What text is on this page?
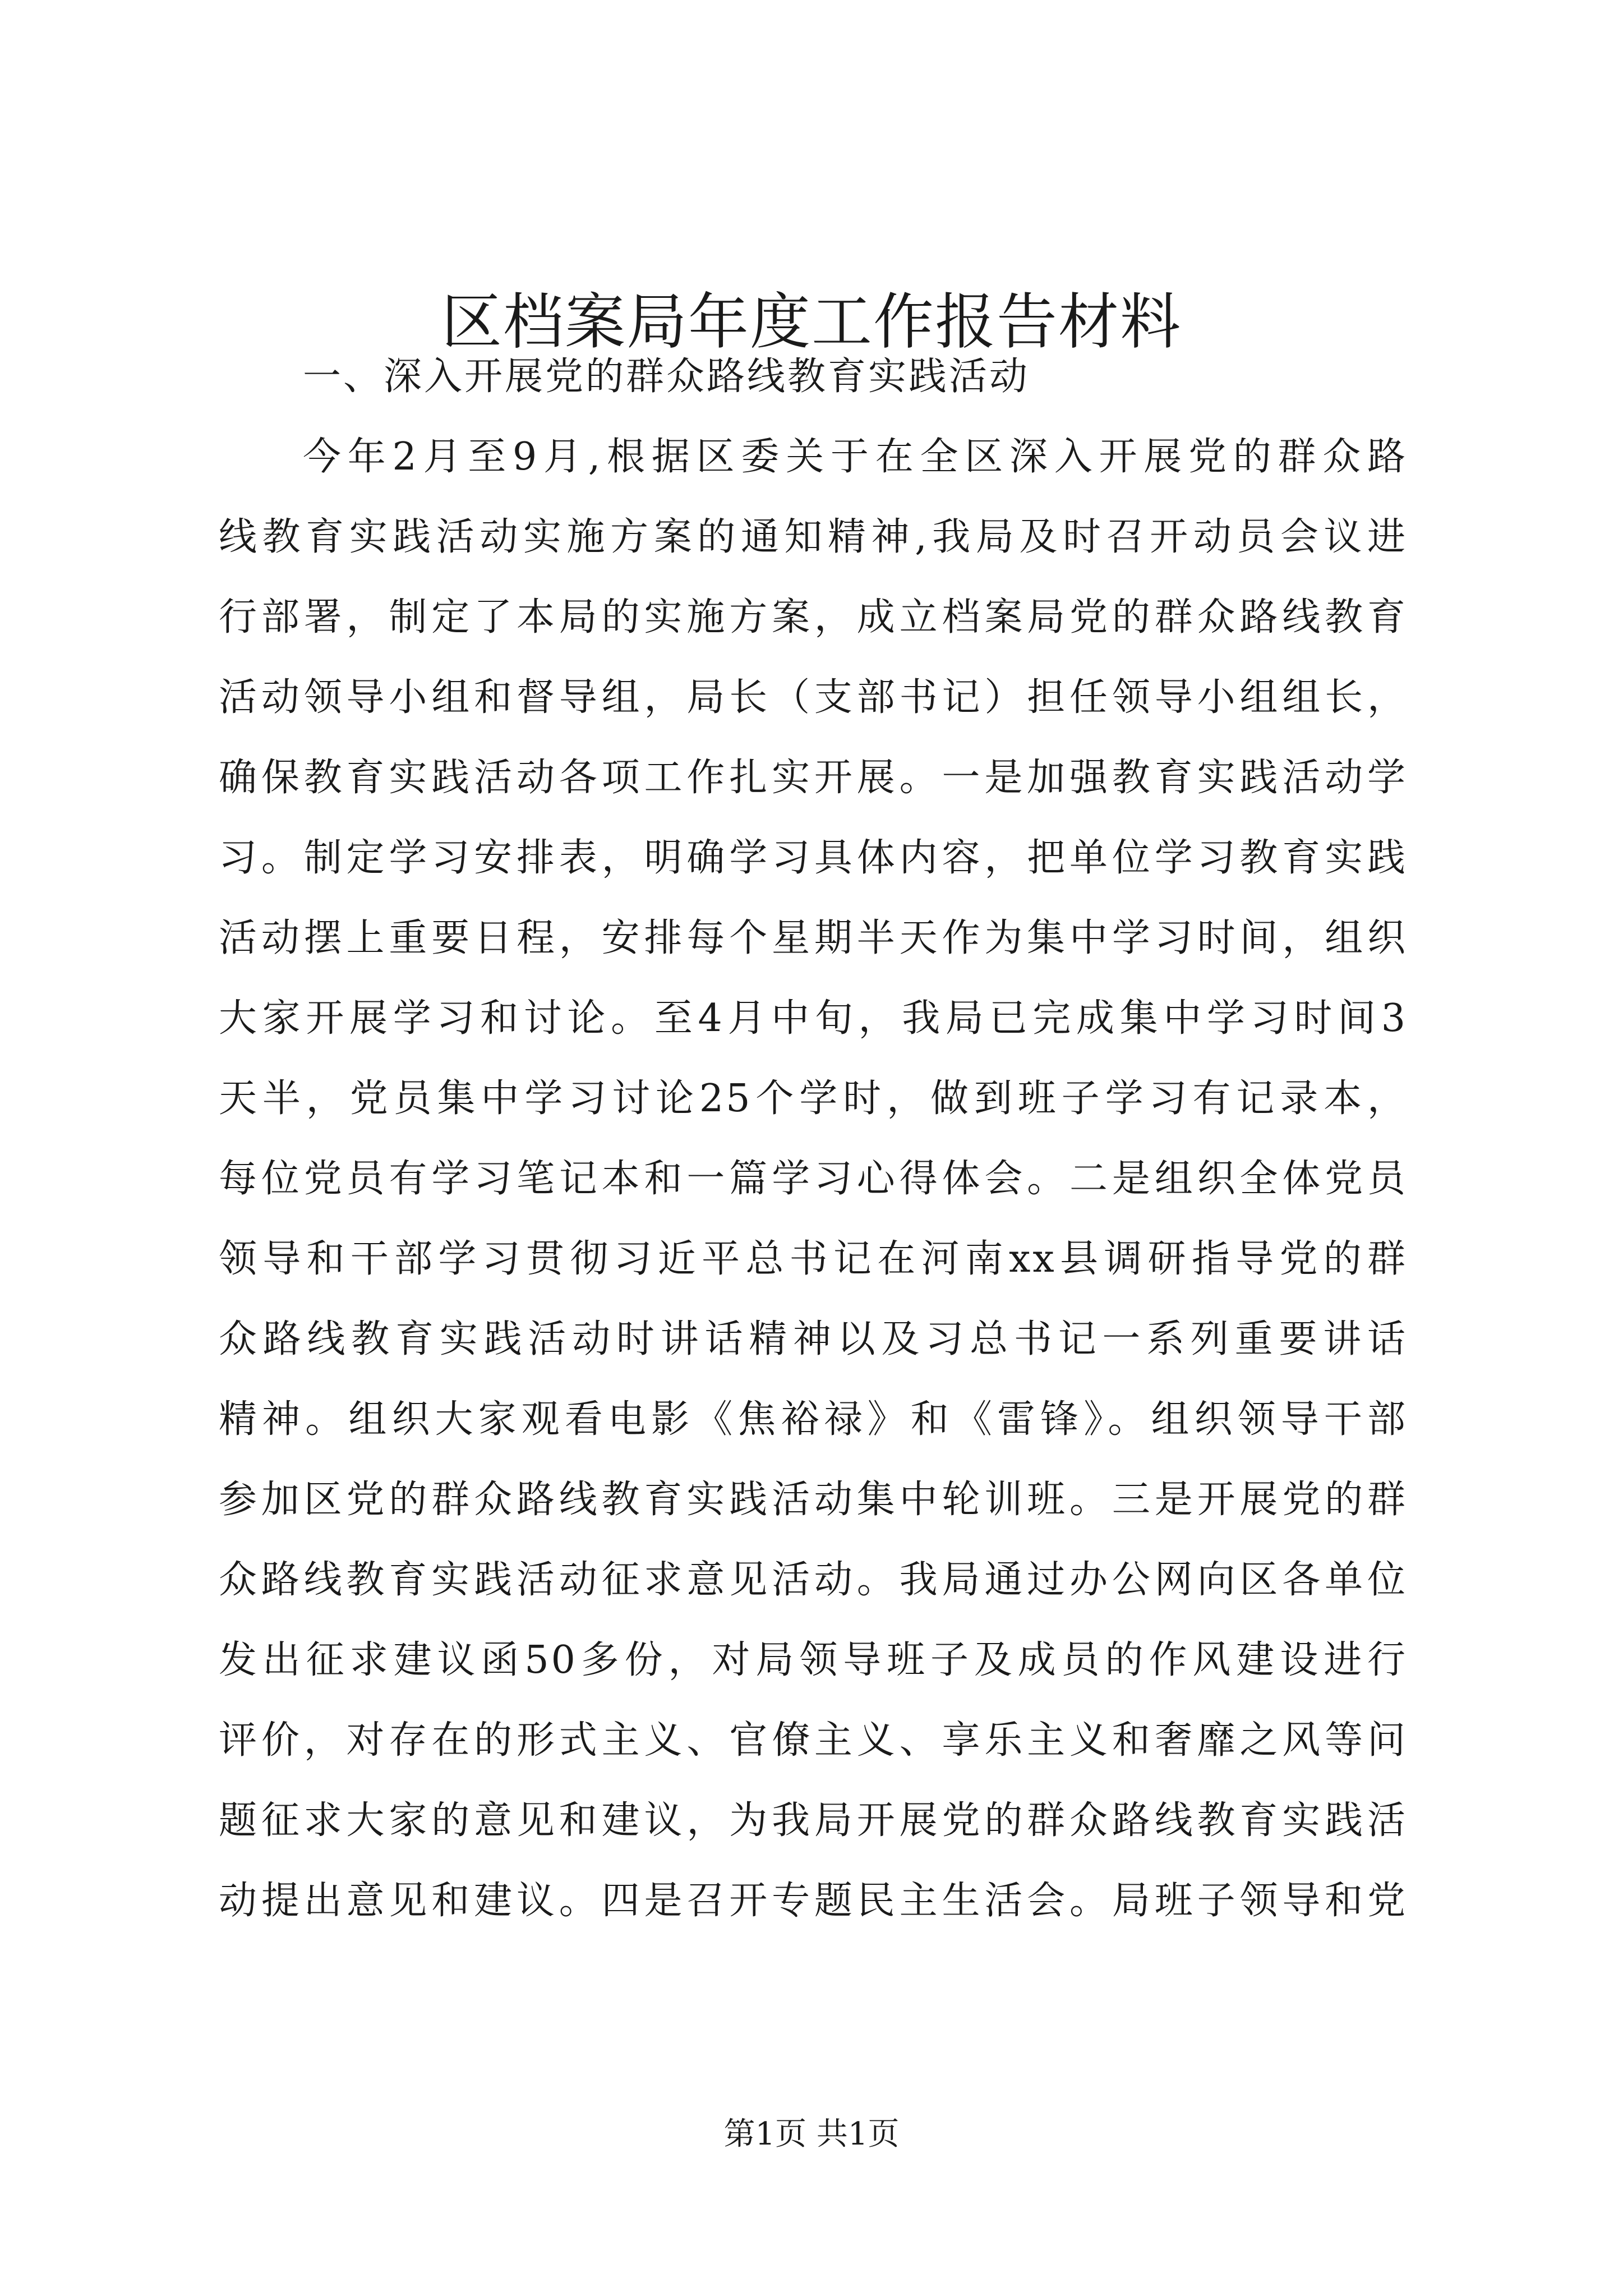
区档案局年度工作报告材料
一、深入开展党的群众路线教育实践活动
今年2月至9月,根据区委关于在全区深入开展党的群众路
线教育实践活动实施方案的通知精神,我局及时召开动员会议进
行部署，制定了本局的实施方案，成立档案局党的群众路线教育
活动领导小组和督导组，局长（支部书记）担任领导小组组长，
确保教育实践活动各项工作扎实开展。一是加强教育实践活动学
习。制定学习安排表，明确学习具体内容，把单位学习教育实践
活动摆上重要日程，安排每个星期半天作为集中学习时间，组织
大家开展学习和讨论。至4月中旬，我局已完成集中学习时间3
天半，党员集中学习讨论25个学时，做到班子学习有记录本，
每位党员有学习笔记本和一篇学习心得体会。二是组织全体党员
领导和干部学习贯彻习近平总书记在河南xx县调研指导党的群
众路线教育实践活动时讲话精神以及习总书记一系列重要讲话
精神。组织大家观看电影《焦裕禄》和《雷锋》。组织领导干部
参加区党的群众路线教育实践活动集中轮训班。三是开展党的群
众路线教育实践活动征求意见活动。我局通过办公网向区各单位
发出征求建议函50多份，对局领导班子及成员的作风建设进行
评价，对存在的形式主义、官僚主义、享乐主义和奢靡之风等问
题征求大家的意见和建议，为我局开展党的群众路线教育实践活
动提出意见和建议。四是召开专题民主生活会。局班子领导和党
第1页 共1页
